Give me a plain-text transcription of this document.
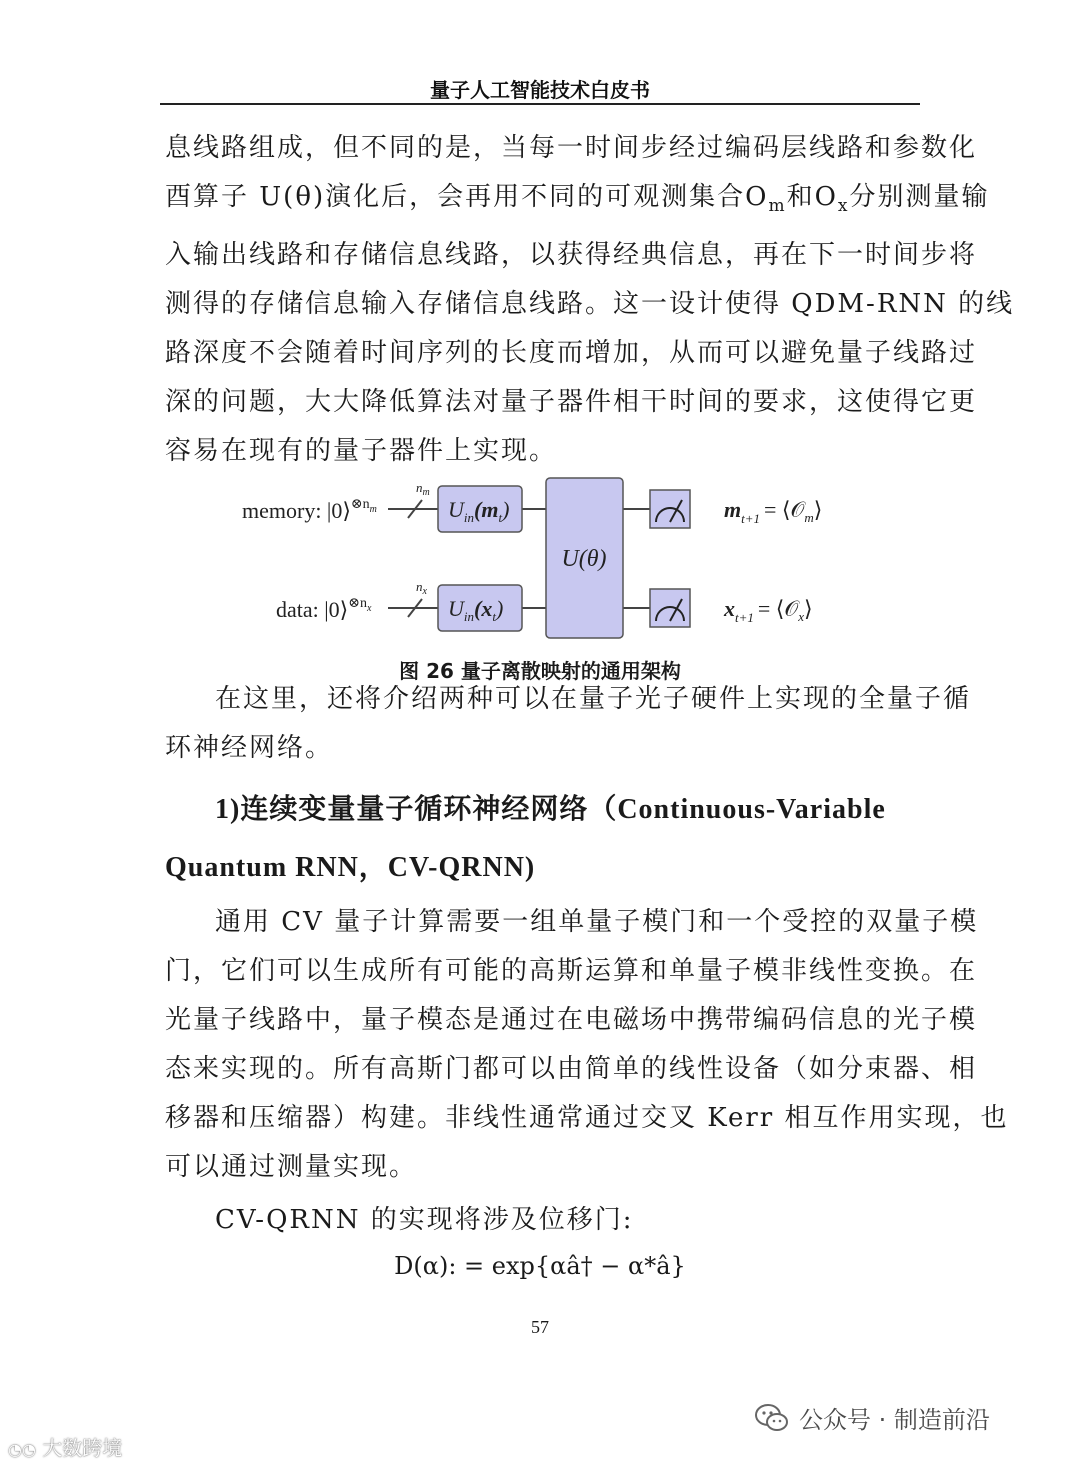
量子人工智能技术白皮书
息线路组成，但不同的是，当每一时间步经过编码层线路和参数化
酉算子 U(θ)演化后，会再用不同的可观测集合$O_m$和$O_x$分别测量输
入输出线路和存储信息线路，以获得经典信息，再在下一时间步将
测得的存储信息输入存储信息线路。这一设计使得 QDM-RNN 的线
路深度不会随着时间序列的长度而增加，从而可以避免量子线路过
深的问题，大大降低算法对量子器件相干时间的要求，这使得它更
容易在现有的量子器件上实现。
memory: |0⟩$^{\otimes n}$m
data: |0⟩$^{\otimes n}$x
$n_m$
$n_x$
$U_{in}(m_t)$
$U_{in}(x_t)$
U(θ)
$m_{t+1}$ = ⟨𝒪$_m$⟩
$x_{t+1}$ = ⟨𝒪$_x$⟩
图 26 量子离散映射的通用架构
在这里，还将介绍两种可以在量子光子硬件上实现的全量子循
环神经网络。
1)连续变量量子循环神经网络（Continuous-Variable
Quantum RNN，CV-QRNN)
通用 CV 量子计算需要一组单量子模门和一个受控的双量子模
门，它们可以生成所有可能的高斯运算和单量子模非线性变换。在
光量子线路中，量子模态是通过在电磁场中携带编码信息的光子模
态来实现的。所有高斯门都可以由简单的线性设备（如分束器、相
移器和压缩器）构建。非线性通常通过交叉 Kerr 相互作用实现，也
可以通过测量实现。
CV-QRNN 的实现将涉及位移门:
D(α): = exp{αâ† − α*â}
57
◔◔ 大数跨境
公众号 · 制造前沿
